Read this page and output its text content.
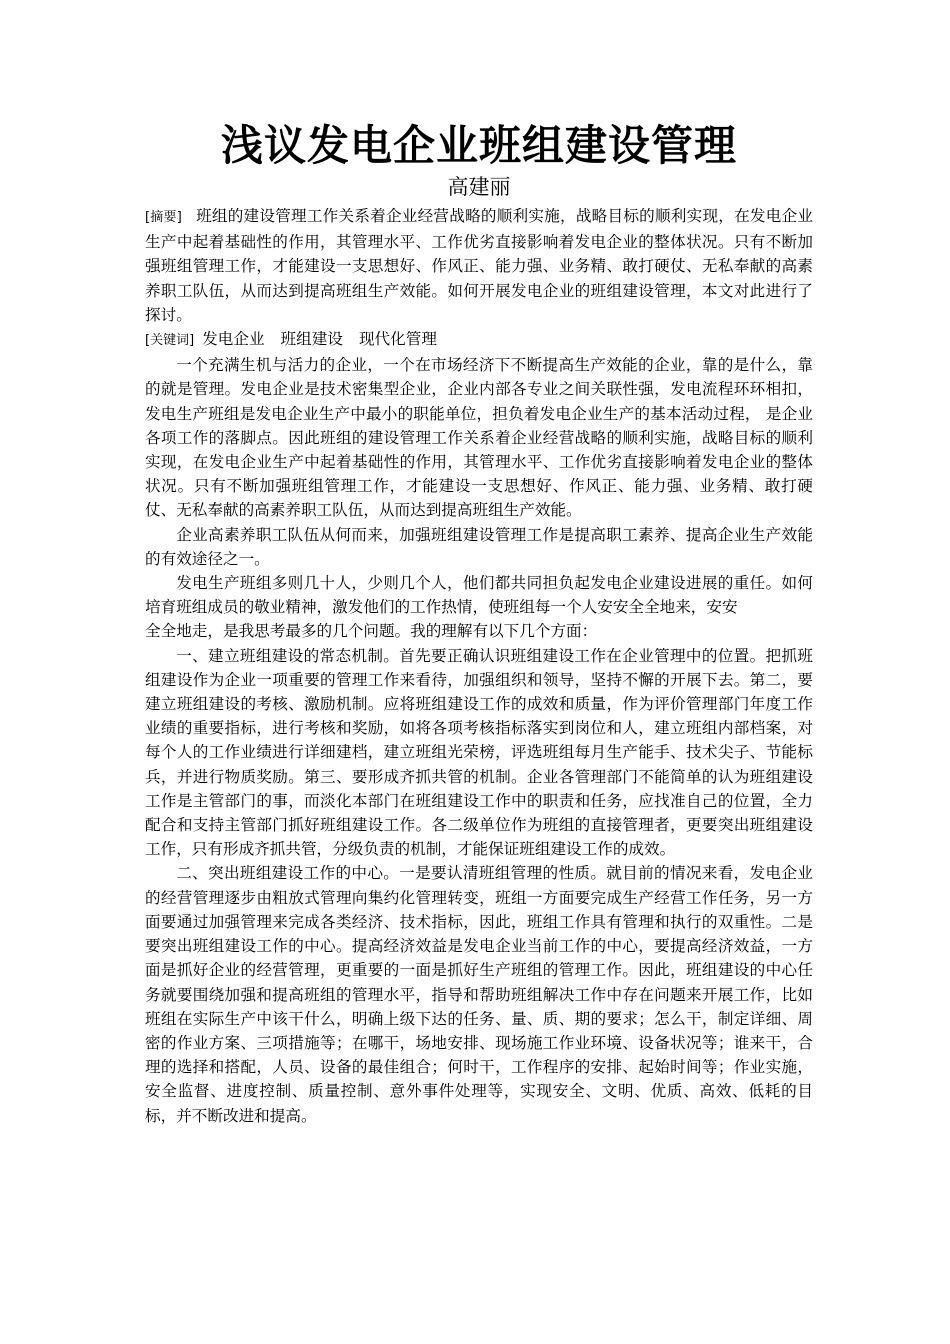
浅议发电企业班组建设管理
高建丽

[摘要] 班组的建设管理工作关系着企业经营战略的顺利实施，战略目标的顺利实现，在发电企业生产中起着基础性的作用，其管理水平、工作优劣直接影响着发电企业的整体状况。只有不断加强班组管理工作，才能建设一支思想好、作风正、能力强、业务精、敢打硬仗、无私奉献的高素养职工队伍，从而达到提高班组生产效能。如何开展发电企业的班组建设管理，本文对此进行了探讨。

[关键词] 发电企业 班组建设 现代化管理

一个充满生机与活力的企业，一个在市场经济下不断提高生产效能的企业，靠的是什么，靠的就是管理。发电企业是技术密集型企业，企业内部各专业之间关联性强，发电流程环环相扣，发电生产班组是发电企业生产中最小的职能单位，担负着发电企业生产的基本活动过程， 是企业各项工作的落脚点。因此班组的建设管理工作关系着企业经营战略的顺利实施，战略目标的顺利实现，在发电企业生产中起着基础性的作用，其管理水平、工作优劣直接影响着发电企业的整体状况。只有不断加强班组管理工作，才能建设一支思想好、作风正、能力强、业务精、敢打硬仗、无私奉献的高素养职工队伍，从而达到提高班组生产效能。

企业高素养职工队伍从何而来，加强班组建设管理工作是提高职工素养、提高企业生产效能的有效途径之一。

发电生产班组多则几十人，少则几个人，他们都共同担负起发电企业建设进展的重任。如何培育班组成员的敬业精神，激发他们的工作热情，使班组每一个人安安全全地来，安安

全全地走，是我思考最多的几个问题。我的理解有以下几个方面：

一、建立班组建设的常态机制。首先要正确认识班组建设工作在企业管理中的位置。把抓班组建设作为企业一项重要的管理工作来看待，加强组织和领导，坚持不懈的开展下去。第二，要建立班组建设的考核、激励机制。应将班组建设工作的成效和质量，作为评价管理部门年度工作业绩的重要指标，进行考核和奖励，如将各项考核指标落实到岗位和人，建立班组内部档案，对每个人的工作业绩进行详细建档，建立班组光荣榜，评选班组每月生产能手、技术尖子、节能标兵，并进行物质奖励。第三、要形成齐抓共管的机制。企业各管理部门不能简单的认为班组建设工作是主管部门的事，而淡化本部门在班组建设工作中的职责和任务，应找准自己的位置，全力配合和支持主管部门抓好班组建设工作。各二级单位作为班组的直接管理者，更要突出班组建设工作，只有形成齐抓共管，分级负责的机制，才能保证班组建设工作的成效。

二、突出班组建设工作的中心。一是要认清班组管理的性质。就目前的情况来看，发电企业的经营管理逐步由粗放式管理向集约化管理转变，班组一方面要完成生产经营工作任务，另一方面要通过加强管理来完成各类经济、技术指标，因此，班组工作具有管理和执行的双重性。二是要突出班组建设工作的中心。提高经济效益是发电企业当前工作的中心，要提高经济效益，一方面是抓好企业的经营管理，更重要的一面是抓好生产班组的管理工作。因此，班组建设的中心任务就要围绕加强和提高班组的管理水平，指导和帮助班组解决工作中存在问题来开展工作，比如班组在实际生产中该干什么，明确上级下达的任务、量、质、期的要求；怎么干，制定详细、周密的作业方案、三项措施等；在哪干，场地安排、现场施工作业环境、设备状况等；谁来干，合理的选择和搭配，人员、设备的最佳组合；何时干，工作程序的安排、起始时间等；作业实施，安全监督、进度控制、质量控制、意外事件处理等，实现安全、文明、优质、高效、低耗的目标，并不断改进和提高。
